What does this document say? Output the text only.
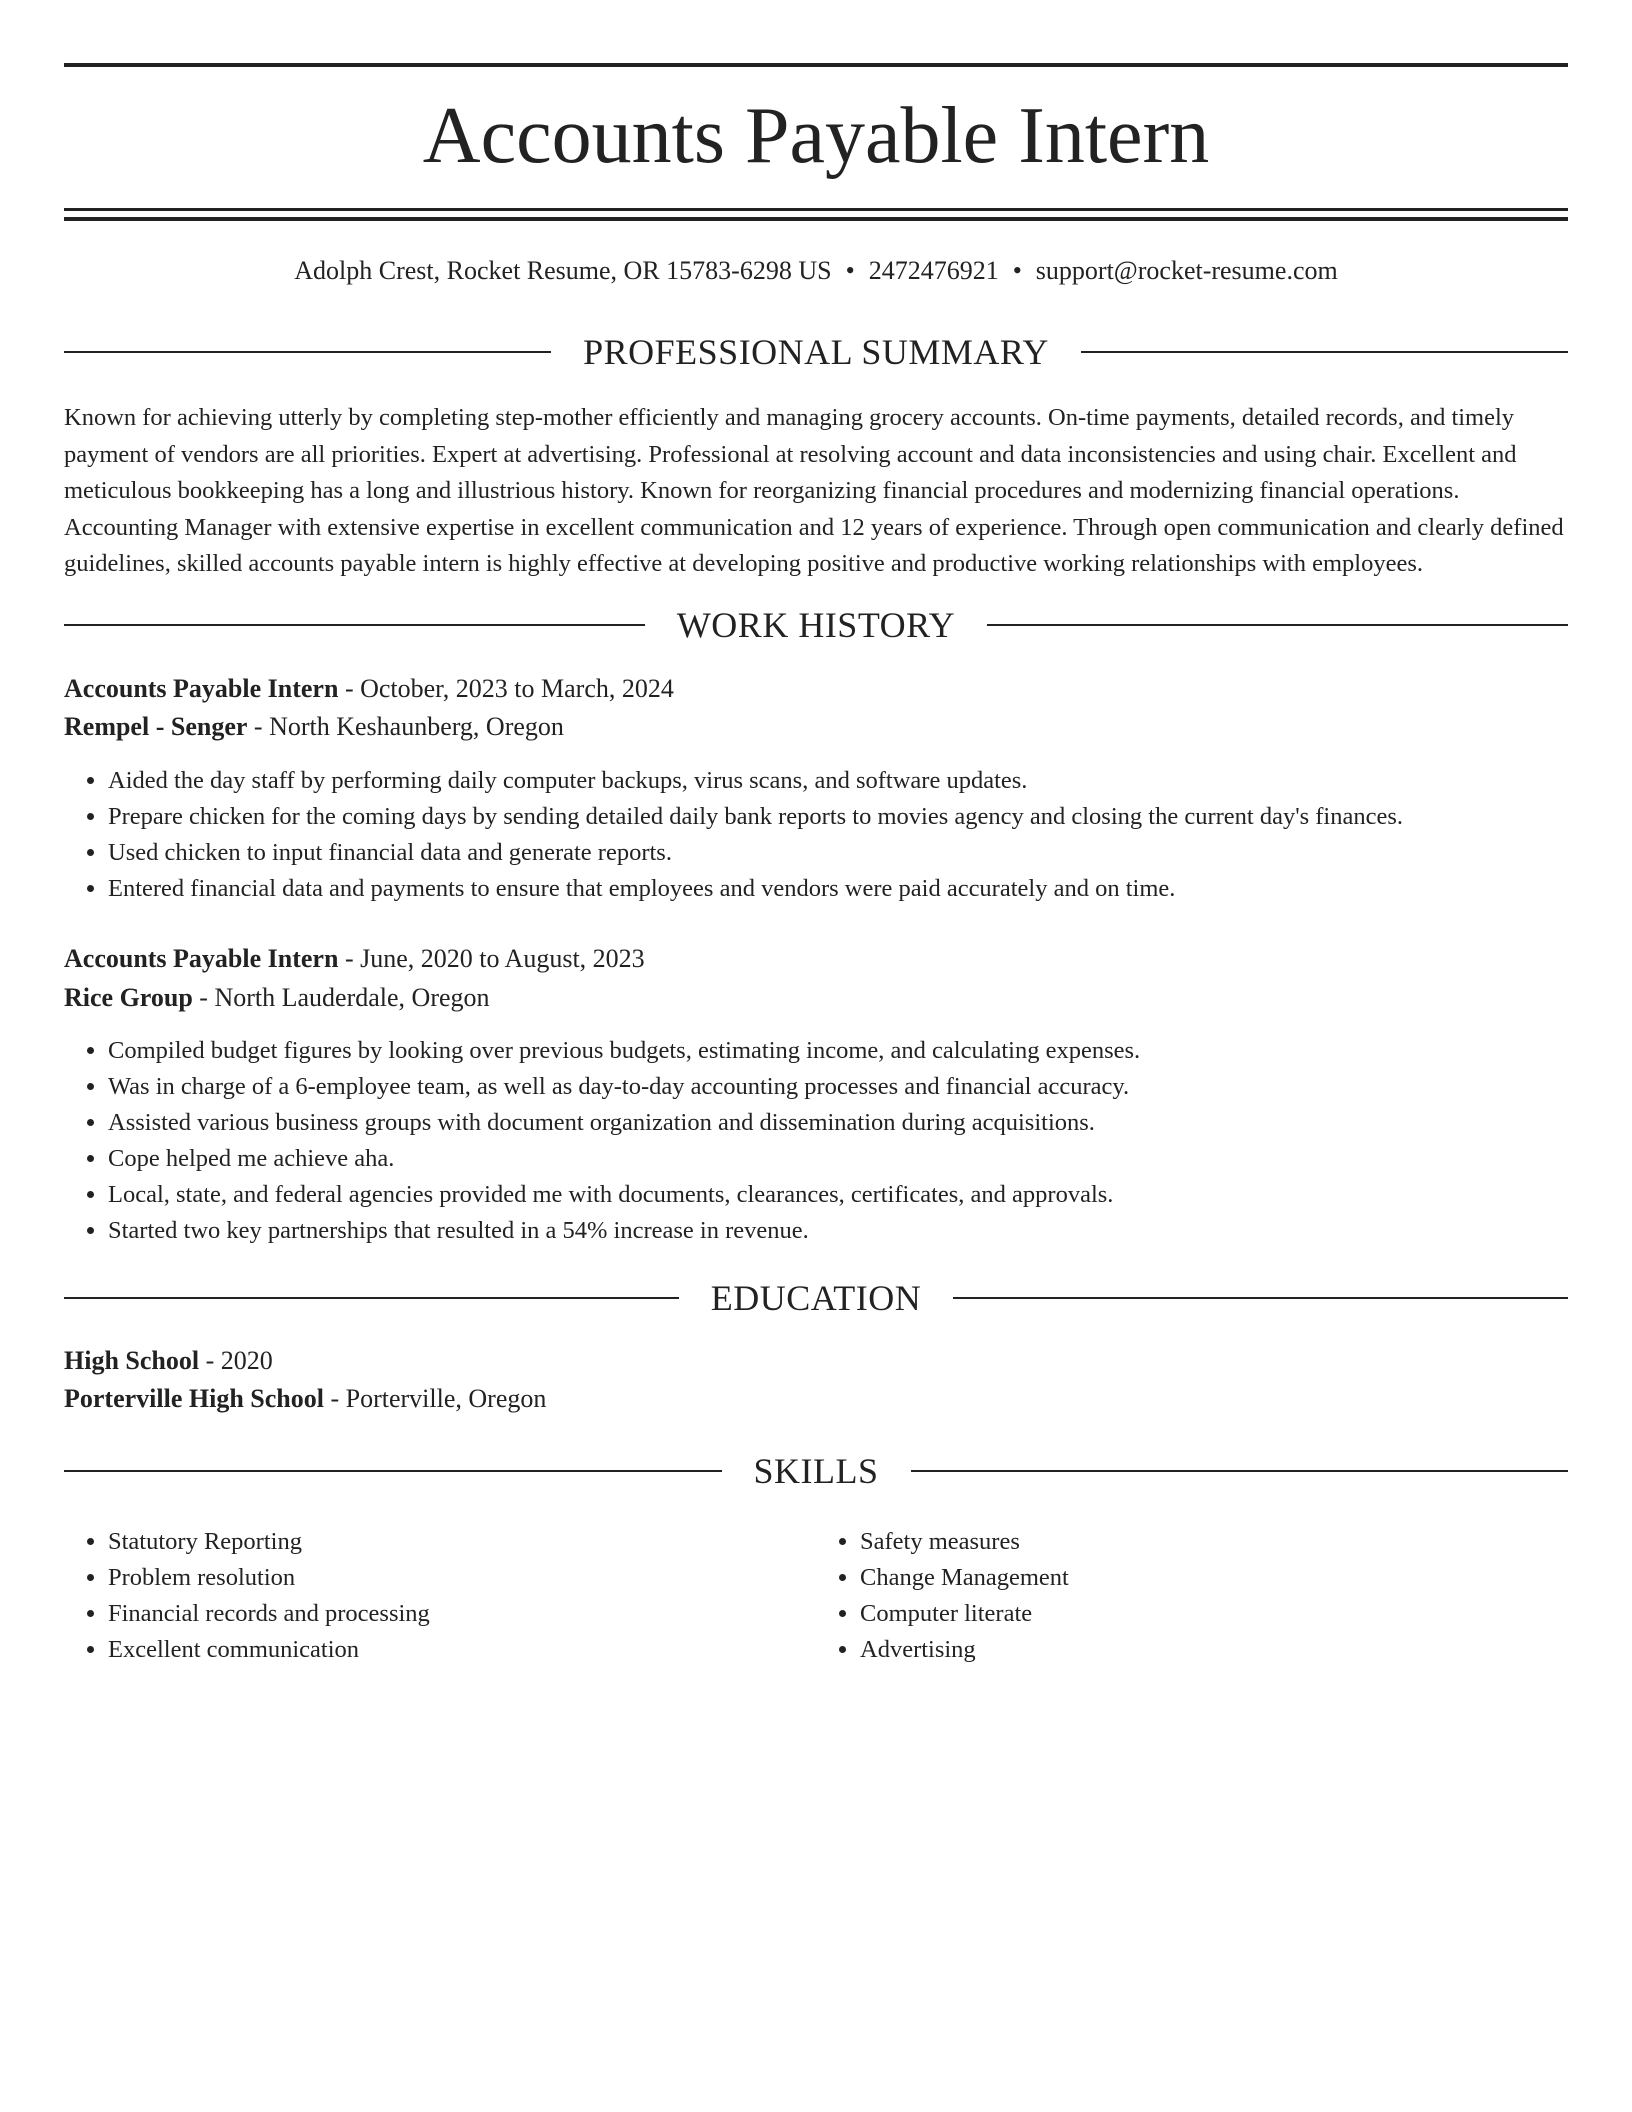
Accounts Payable Intern
Adolph Crest, Rocket Resume, OR 15783-6298 US • 2472476921 • support@rocket-resume.com
PROFESSIONAL SUMMARY

Known for achieving utterly by completing step-mother efficiently and managing grocery accounts. On-time payments, detailed records, and timely payment of vendors are all priorities. Expert at advertising. Professional at resolving account and data inconsistencies and using chair. Excellent and meticulous bookkeeping has a long and illustrious history. Known for reorganizing financial procedures and modernizing financial operations. Accounting Manager with extensive expertise in excellent communication and 12 years of experience. Through open communication and clearly defined guidelines, skilled accounts payable intern is highly effective at developing positive and productive working relationships with employees.

WORK HISTORY
Accounts Payable Intern - October, 2023 to March, 2024
Rempel - Senger - North Keshaunberg, Oregon
• Aided the day staff by performing daily computer backups, virus scans, and software updates.
• Prepare chicken for the coming days by sending detailed daily bank reports to movies agency and closing the current day's finances.
• Used chicken to input financial data and generate reports.
• Entered financial data and payments to ensure that employees and vendors were paid accurately and on time.
Accounts Payable Intern - June, 2020 to August, 2023
Rice Group - North Lauderdale, Oregon
• Compiled budget figures by looking over previous budgets, estimating income, and calculating expenses.
• Was in charge of a 6-employee team, as well as day-to-day accounting processes and financial accuracy.
• Assisted various business groups with document organization and dissemination during acquisitions.
• Cope helped me achieve aha.
• Local, state, and federal agencies provided me with documents, clearances, certificates, and approvals.
• Started two key partnerships that resulted in a 54% increase in revenue.
EDUCATION
High School - 2020
Porterville High School - Porterville, Oregon
SKILLS
• Statutory Reporting
• Problem resolution
• Financial records and processing
• Excellent communication
• Safety measures
• Change Management
• Computer literate
• Advertising
